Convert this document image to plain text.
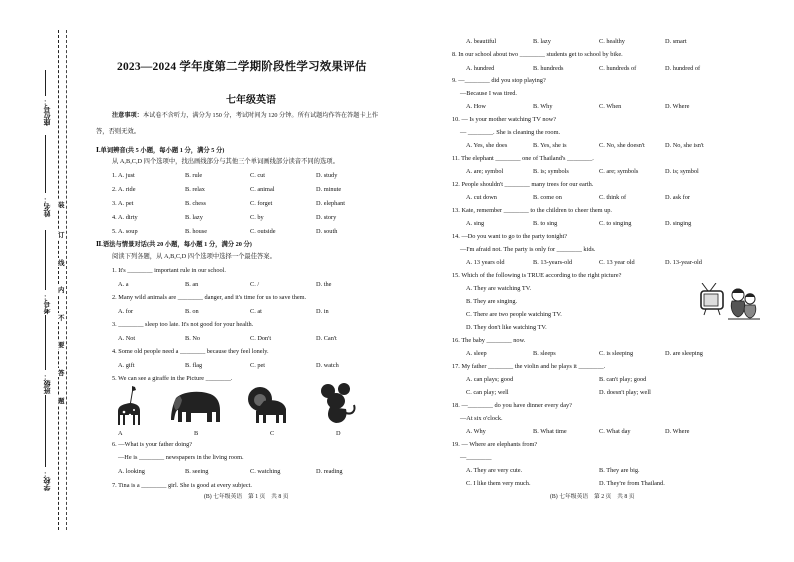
座位号：
姓名：
考号：
班级：
学校：
装
订
线
内
不
要
答
题
2023—2024 学年度第二学期阶段性学习效果评估
七年级英语
注意事项：本试卷不含听力，满分为 150 分，考试时间为 120 分钟。所有试题均作答在答题卡上作
答，否则无效。
Ⅰ.单词辨音(共 5 小题，每小题 1 分，满分 5 分)
从 A,B,C,D 四个选项中，找出画线部分与其他三个单词画线部分读音不同的选项。
1. A. just	B. rule	C. cut	D. study
2. A. ride	B. relax	C. animal	D. minute
3. A. pet	B. chess	C. forget	D. elephant
4. A. dirty	B. lazy	C. by	D. story
5. A. soup	B. house	C. outside	D. south
Ⅱ.语法与情景对话(共 20 小题，每小题 1 分，满分 20 分)
阅读下列各题，从 A,B,C,D 四个选项中选择一个最佳答案。
1. It's ________ important rule in our school.
A. a	B. an	C. /	D. the
2. Many wild animals are ________ danger, and it's time for us to save them.
A. for	B. on	C. at	D. in
3. ________ sleep too late. It's not good for your health.
A. Not	B. No	C. Don't	D. Can't
4. Some old people need a ________ because they feel lonely.
A. gift	B. flag	C. pet	D. watch
5. We can see a giraffe in the Picture ________.
A	B	C	D
6. —What is your father doing?
—He is ________ newspapers in the living room.
A. looking	B. seeing	C. watching	D. reading
7. Tina is a ________ girl. She is good at every subject.
(B) 七年级英语　第 1 页　共 8 页
A. beautiful	B. lazy	C. healthy	D. smart
8. In our school about two ________ students get to school by bike.
A. hundred	B. hundreds	C. hundreds of	D. hundred of
9. —________ did you stop playing?
—Because I was tired.
A. How	B. Why	C. When	D. Where
10. — Is your mother watching TV now?
— ________. She is cleaning the room.
A. Yes, she does	B. Yes, she is	C. No, she doesn't	D. No, she isn't
11. The elephant ________ one of Thailand's ________.
A. are; symbol	B. is; symbols	C. are; symbols	D. is; symbol
12. People shouldn't ________ many trees for our earth.
A. cut down	B. come on	C. think of	D. ask for
13. Kate, remember ________ to the children to cheer them up.
A. sing	B. to sing	C. to singing	D. singing
14. —Do you want to go to the party tonight?
—I'm afraid not. The party is only for ________ kids.
A. 13 years old	B. 13-years-old	C. 13 year old	D. 13-year-old
15. Which of the following is TRUE according to the right picture?
A. They are watching TV.
B. They are singing.
C. There are two people watching TV.
D. They don't like watching TV.
16. The baby ________ now.
A. sleep	B. sleeps	C. is sleeping	D. are sleeping
17. My father ________ the violin and he plays it ________.
A. can plays; good	B. can't play; good
C. can play; well	D. doesn't play; well
18. —________ do you have dinner every day?
—At six o'clock.
A. Why	B. What time	C. What day	D. Where
19. — Where are elephants from?
—________
A. They are very cute.	B. They are big.
C. I like them very much.	D. They're from Thailand.
(B) 七年级英语　第 2 页　共 8 页
